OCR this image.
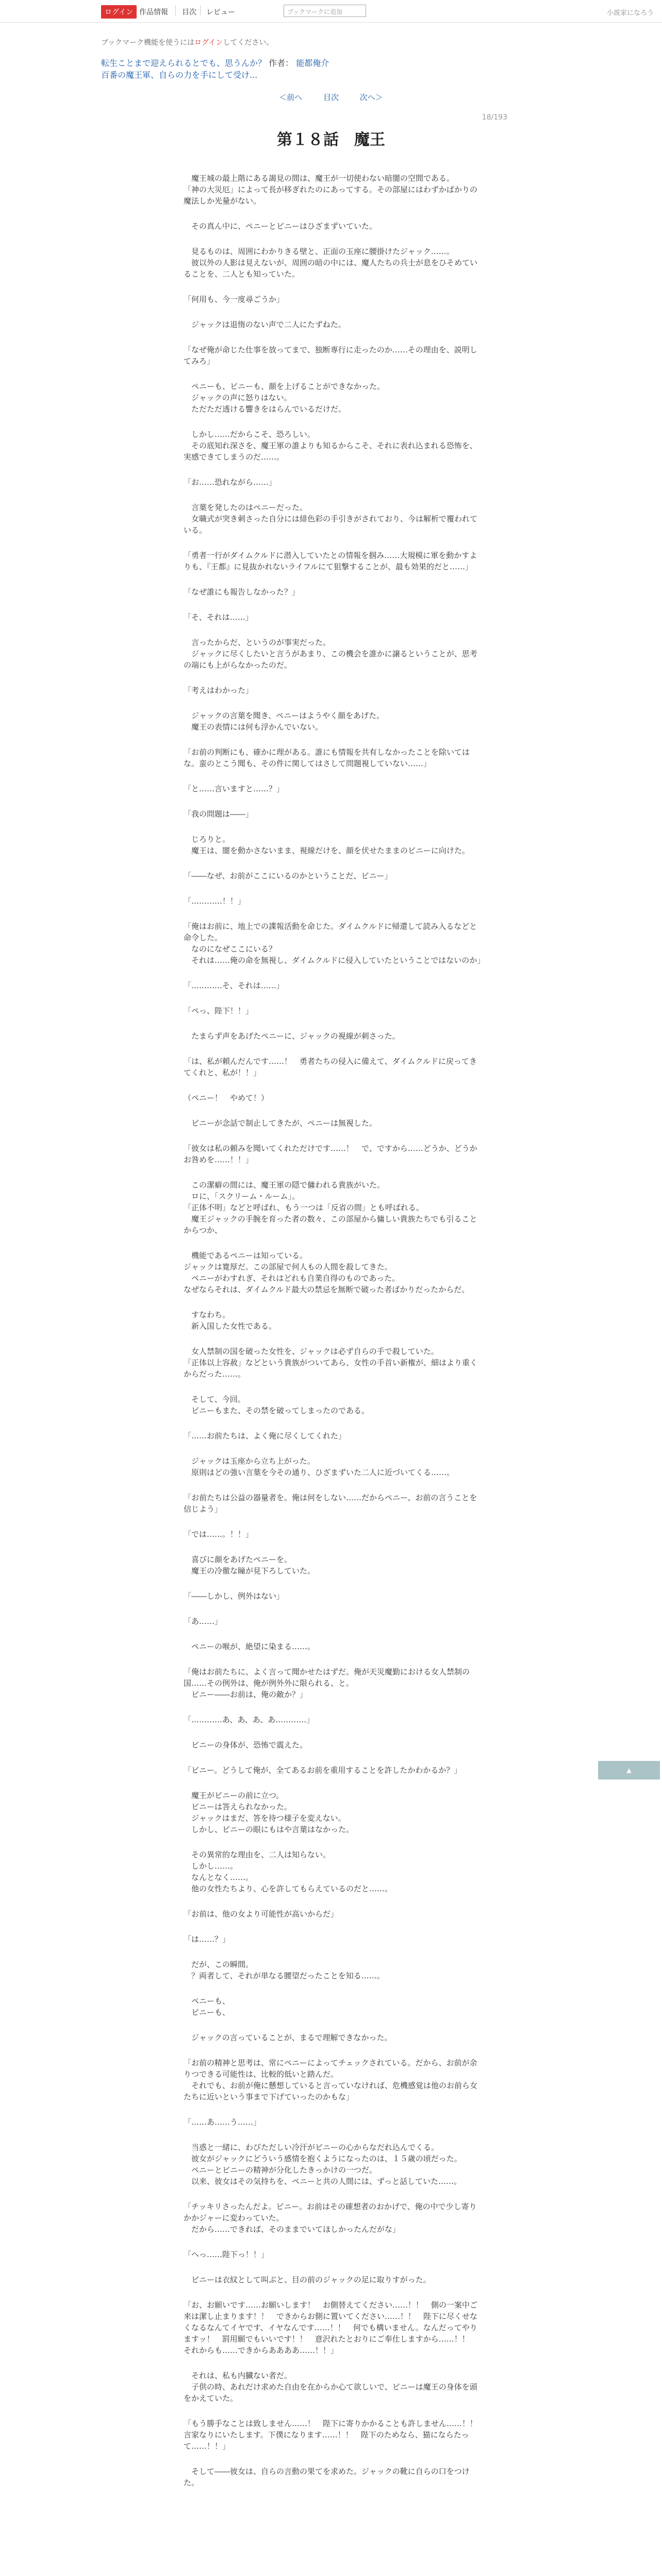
ログイン 作品情報 目次 レビュー	ブックマークに追加	小説家になろう
ブックマーク機能を使うにはログインしてください。
転生ことまで迎えられるとでも、思うんか？ 作者： 能都俺介
百番の魔王軍、自らの力を手にして受け...
＜前へ	目次	次へ＞
18/193
第１８話　魔王

　魔王城の最上階にある謁見の間は、魔王が一切使わない暗闇の空間である。
「神の大災厄」によって長が移ぎれたのにあってする。その部屋にはわずかばかりの魔法しか光量がない。

　その真ん中に、ペニーとビニーはひざまずいていた。

　見るものは、周囲にわかりきる壁と、正面の玉座に腰掛けたジャック……。
　彼以外の人影は見えないが、周囲の暗の中には、魔人たちの兵士が息をひそめていることを、二人とも知っていた。

「何用も、今一度尋ごうか」

　ジャックは退惰のない声で二人にたずねた。

「なぜ俺が命じた仕事を放ってまで、独断専行に走ったのか……その理由を、説明してみろ」

　ペニーも、ビニーも、顔を上げることができなかった。
　ジャックの声に怒りはない。
　ただただ透ける響きをはらんでいるだけだ。

　しかし……だからこそ、恐ろしい。
　その底知れ深さを、魔王軍の誰よりも知るからこそ、それに表れ込まれる恐怖を、実感できてしまうのだ……。

「お……恐れながら……」

　言葉を発したのはペニーだった。
　女職式が突き刺さった自分には緋色彩の手引きがされており、今は解析で覆われている。

「勇者一行がダイムクルドに潜入していたとの情報を掴み……大規模に軍を動かすよりも、『王都』に見抜かれないライフルにて狙撃することが、最も効果的だと……」

「なぜ誰にも報告しなかった？」

「そ、それは……」

　言ったからだ、というのが事実だった。
　ジャックに尽くしたいと言うがあまり、この機会を誰かに譲るということが、思考の端にも上がらなかったのだ。

「考えはわかった」

　ジャックの言葉を聞き、ペニーはようやく顔をあげた。
　魔王の表情には何も浮かんでいない。

「お前の判断にも、確かに理がある。誰にも情報を共有しなかったことを除いてはな。蛮のとこう聞も、その件に関してはさして問題視していない……」

「と……言いますと……？」

「我の問題は――」

　じろりと。
　魔王は、闇を動かさないまま、視線だけを、顔を伏せたままのビニーに向けた。

「――なぜ、お前がここにいるのかということだ、ビニー」

「…………！！」

「俺はお前に、地上での諜報活動を命じた。ダイムクルドに帰還して読み入るなどと命令した。
　なのになぜここにいる？
　それは……俺の命を無視し、ダイムクルドに侵入していたということではないのか」

「…………そ、それは……」

「ペっ、陛下！！」

　たまらず声をあげたペニーに、ジャックの視線が刺さった。

「は、私が頼んだんです……！　勇者たちの侵入に備えて、ダイムクルドに戻ってきてくれと、私が！！」

（ペニー！　やめて！）

　ビニーが念話で制止してきたが、ペニーは無視した。

「彼女は私の頼みを聞いてくれただけです……！　で、ですから……どうか、どうかお咎めを……！！」

　この潔癖の間には、魔王軍の隠で傭われる貴族がいた。
　ロに、「スクリーム・ルーム」。
「正体不明」などと呼ばれ、もう一つは「反省の間」とも呼ばれる。
　魔王ジャックの手腕を育った者の数々、この部屋から傭しい貴族たちでも引ることからつか、

　機能であるペニーは知っている。
ジャックは寛厚だ。この部屋で何人もの人間を殺してきた。
　ペニーがわすれぎ、それはどれも自業自得のものであった。
なぜならそれは、ダイムクルド最大の禁忌を無断で破った者ばかりだったからだ。

　すなわち。
　新入国した女性である。

　女人禁制の国を破った女性を、ジャックは必ず自らの手で殺していた。
「正体以上容赦」などという貴族がついてあら、女性の手首い新権が、細はより重くからだった……。

　そして、今回。
　ビニーもまた、その禁を破ってしまったのである。

「……お前たちは、よく俺に尽くしてくれた」

　ジャックは玉座から立ち上がった。
　原則はどの強い言葉を今その通り、ひざまずいた二人に近づいてくる……。

「お前たちは公益の器量者を。俺は何をしない……だからペニー、お前の言うことを信じよう」

「では……。！！」

　喜びに顔をあげたペニーを。
　魔王の冷徹な瞳が見下ろしていた。

「――しかし、例外はない」

「あ……」

　ペニーの喉が、絶望に染まる……。

「俺はお前たちに、よく言って聞かせたはずだ。俺が天災魔勤における女人禁制の国……その例外は、俺が例外外に限られる、と。
　ビニー――お前は、俺の敵か？」

「…………あ、あ、あ、あ…………」

　ビニーの身体が、恐怖で震えた。

「ビニー。どうして俺が、全てあるお前を重用することを許したかわかるか？」

　魔王がビニーの前に立つ。
　ビニーは答えられなかった。
　ジャックはまだ、答を待つ様子を変えない。
　しかし、ビニーの眼にもはや言葉はなかった。

　その異常的な理由を、二人は知らない。
　しかし……。
　なんとなく……。
　他の女性たちより、心を許してもらえているのだと……。

「お前は、他の女より可能性が高いからだ」

「は……？」

　だが、この瞬間。
　？両者して、それが単なる腰望だったことを知る……。

　ペニーも、
　ビニーも、

　ジャックの言っていることが、まるで理解できなかった。

「お前の精神と思考は、常にペニーによってチェックされている。だから、お前が余りつできる可能性は、比較的低いと踏んだ。
　それでも、お前が俺に懸想していると言っていなければ、危機感覚は他のお前ら女たちに近いという事まで下げていったのかもな」

「……あ……う……」

　当惑と一緒に、わびただしい冷汗がビニーの心からなだれ込んでくる。
　彼女がジャックにどういう感情を抱くようになったのは、１５歳の頃だった。
　ペニーとビニーの精神が分化したきっかけの一つだ。
　以来、彼女はその気持ちを、ペニーと共の人間には、ずっと話していた……。

「チッキリさったんだよ。ビニー。お前はその確想者のおかげで、俺の中で少し寄りかかジャーに変わっていた。
　だから……できれば、そのままでいてほしかったんだがな」

「ヘっ……陛下っ！！」

　ビニーは衣紋として叫ぶと、目の前のジャックの足に取りすがった。

「お、お願いです……お願いします！　お側替えてください……！！　側の一案中ご来は潔し止まります！！　できからお側に置いてください……！！　陛下に尽くせなくなるなんてイヤです、イヤなんです……！！　何でも構いません。なんだってやりますッ！　罰用願でもいいです！！　意沢れたとおりにご奉仕しますから……！！　それからも……できからああああ……！！」

　それは、私も内臓ない者だ。
　子供の時、あれだけ求めた自由を在からか心て欲しいで、ビニーは魔王の身体を頭をかえていた。

「もう勝手なことは致しません……！　陛下に寄りかかることも許しません……！！　言家なりにいたします。下僕になります……！！　陛下のためなら、猫にならたって……！！」

　そして――彼女は、自らの言動の果てを求めた。ジャックの靴に自らの口をつけた。

▲
